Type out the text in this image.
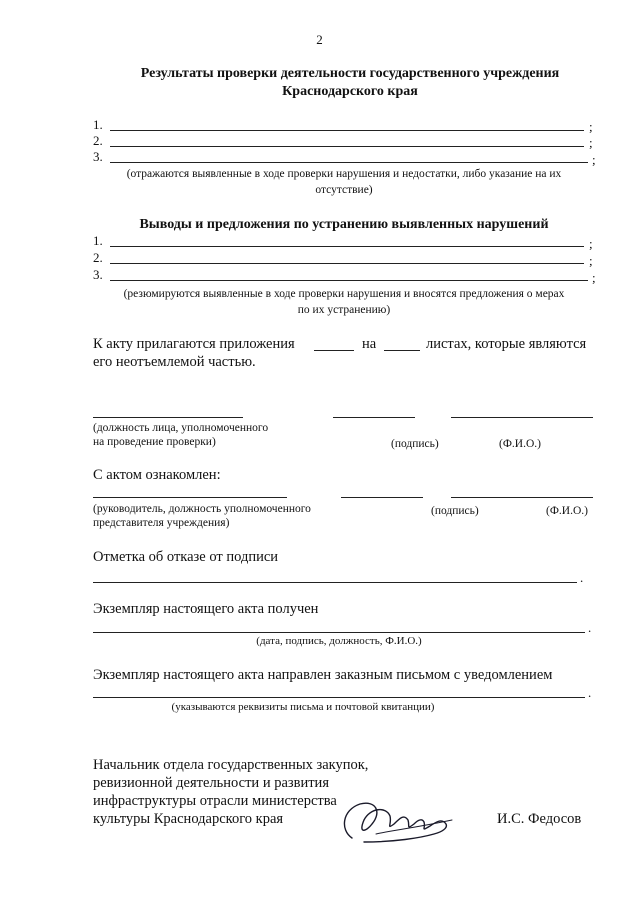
2
Результаты проверки деятельности государственного учреждения
Краснодарского края
1.	;
2.	;
3.	;
(отражаются выявленные в ходе проверки нарушения и недостатки, либо указание на их
отсутствие)
Выводы и предложения по устранению выявленных нарушений
1.	;
2.	;
3.	;
(резюмируются выявленные в ходе проверки нарушения и вносятся предложения о мерах
по их устранению)
К акту прилагаются приложения	на	листах, которые являются
его неотъемлемой частью.
(должность лица, уполномоченного
на проведение проверки)	(подпись)	(Ф.И.О.)
С актом ознакомлен:
(руководитель, должность уполномоченного
представителя учреждения)
(подпись)	(Ф.И.О.)
Отметка об отказе от подписи
.
Экземпляр настоящего акта получен
.
(дата, подпись, должность, Ф.И.О.)
Экземпляр настоящего акта направлен заказным письмом с уведомлением
.
(указываются реквизиты письма и почтовой квитанции)
Начальник отдела государственных закупок,
ревизионной деятельности и развития
инфраструктуры отрасли министерства
культуры Краснодарского края	И.С. Федосов
